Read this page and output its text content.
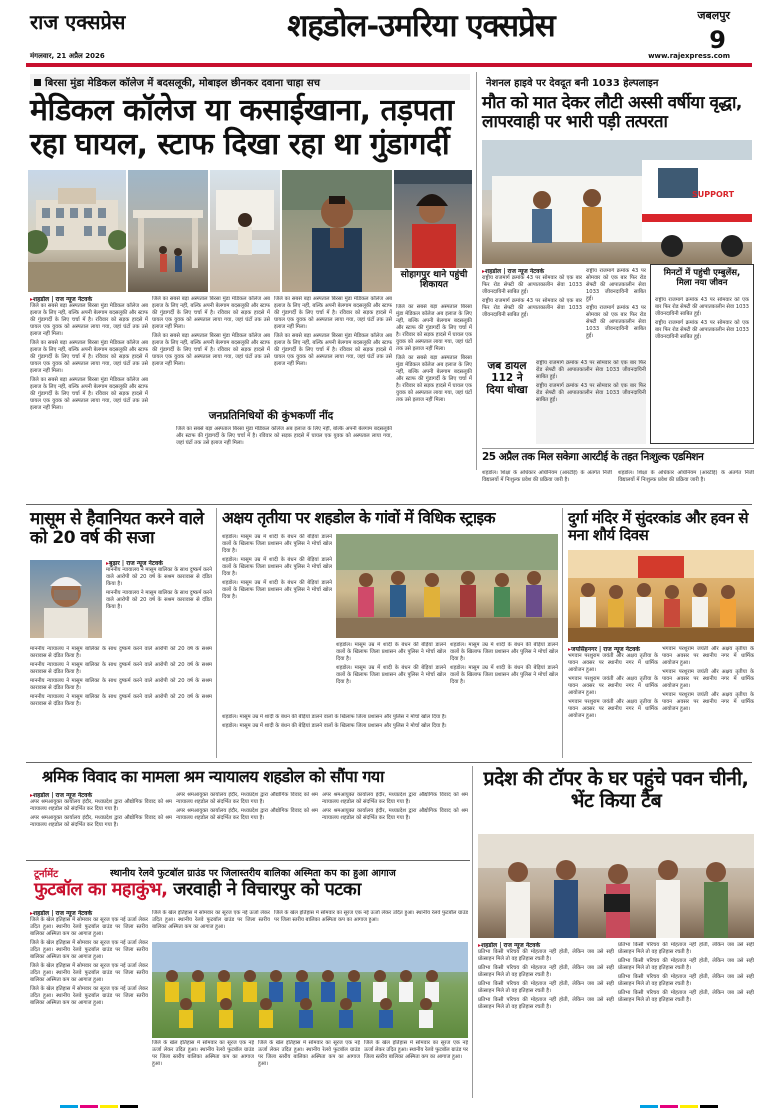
राज एक्सप्रेस
मंगलवार, 21 अप्रैल 2026
शहडोल-उमरिया एक्सप्रेस	जबलपुर
9
www.rajexpress.com
बिरसा मुंडा मेडिकल कॉलेज में बदसलूकी, मोबाइल छीनकर दवाना चाहा सच
मेडिकल कॉलेज या कसाईखाना, तड़पता रहा घायल, स्टाफ दिखा रहा था गुंडागर्दी
सोहागपुर थाने पहुंची शिकायत
▸ शहडोल | राज न्यूज नेटवर्क

जिले का सबसे बड़ा अस्पताल बिरसा मुंडा मेडिकल कॉलेज अब इलाज के लिए नहीं, बल्कि अपनी बेलगाम बदसलूकी और स्टाफ की गुंडागर्दी के लिए चर्चा में है। रविवार को सड़क हादसे में घायल एक युवक को अस्पताल लाया गया, जहां घंटों तक उसे इलाज नहीं मिला।

जिले का सबसे बड़ा अस्पताल बिरसा मुंडा मेडिकल कॉलेज अब इलाज के लिए नहीं, बल्कि अपनी बेलगाम बदसलूकी और स्टाफ की गुंडागर्दी के लिए चर्चा में है। रविवार को सड़क हादसे में घायल एक युवक को अस्पताल लाया गया, जहां घंटों तक उसे इलाज नहीं मिला।

जिले का सबसे बड़ा अस्पताल बिरसा मुंडा मेडिकल कॉलेज अब इलाज के लिए नहीं, बल्कि अपनी बेलगाम बदसलूकी और स्टाफ की गुंडागर्दी के लिए चर्चा में है। रविवार को सड़क हादसे में घायल एक युवक को अस्पताल लाया गया, जहां घंटों तक उसे इलाज नहीं मिला।

जिले का सबसे बड़ा अस्पताल बिरसा मुंडा मेडिकल कॉलेज अब इलाज के लिए नहीं, बल्कि अपनी बेलगाम बदसलूकी और स्टाफ की गुंडागर्दी के लिए चर्चा में है। रविवार को सड़क हादसे में घायल एक युवक को अस्पताल लाया गया, जहां घंटों तक उसे इलाज नहीं मिला।

जिले का सबसे बड़ा अस्पताल बिरसा मुंडा मेडिकल कॉलेज अब इलाज के लिए नहीं, बल्कि अपनी बेलगाम बदसलूकी और स्टाफ की गुंडागर्दी के लिए चर्चा में है। रविवार को सड़क हादसे में घायल एक युवक को अस्पताल लाया गया, जहां घंटों तक उसे इलाज नहीं मिला।

जिले का सबसे बड़ा अस्पताल बिरसा मुंडा मेडिकल कॉलेज अब इलाज के लिए नहीं, बल्कि अपनी बेलगाम बदसलूकी और स्टाफ की गुंडागर्दी के लिए चर्चा में है। रविवार को सड़क हादसे में घायल एक युवक को अस्पताल लाया गया, जहां घंटों तक उसे इलाज नहीं मिला।

जिले का सबसे बड़ा अस्पताल बिरसा मुंडा मेडिकल कॉलेज अब इलाज के लिए नहीं, बल्कि अपनी बेलगाम बदसलूकी और स्टाफ की गुंडागर्दी के लिए चर्चा में है। रविवार को सड़क हादसे में घायल एक युवक को अस्पताल लाया गया, जहां घंटों तक उसे इलाज नहीं मिला।

जिले का सबसे बड़ा अस्पताल बिरसा मुंडा मेडिकल कॉलेज अब इलाज के लिए नहीं, बल्कि अपनी बेलगाम बदसलूकी और स्टाफ की गुंडागर्दी के लिए चर्चा में है। रविवार को सड़क हादसे में घायल एक युवक को अस्पताल लाया गया, जहां घंटों तक उसे इलाज नहीं मिला।

जिले का सबसे बड़ा अस्पताल बिरसा मुंडा मेडिकल कॉलेज अब इलाज के लिए नहीं, बल्कि अपनी बेलगाम बदसलूकी और स्टाफ की गुंडागर्दी के लिए चर्चा में है। रविवार को सड़क हादसे में घायल एक युवक को अस्पताल लाया गया, जहां घंटों तक उसे इलाज नहीं मिला।

जनप्रतिनिधियों की कुंभकर्णी नींद

जिले का सबसे बड़ा अस्पताल बिरसा मुंडा मेडिकल कॉलेज अब इलाज के लिए नहीं, बल्कि अपनी बेलगाम बदसलूकी और स्टाफ की गुंडागर्दी के लिए चर्चा में है। रविवार को सड़क हादसे में घायल एक युवक को अस्पताल लाया गया, जहां घंटों तक उसे इलाज नहीं मिला।

नेशनल हाइवे पर देवदूत बनी 1033 हेल्पलाइन
मौत को मात देकर लौटी अस्सी वर्षीया वृद्धा, लापरवाही पर भारी पड़ी तत्परता
SUPPORT
▸ शहडोल | राज न्यूज नेटवर्क

राष्ट्रीय राजमार्ग क्रमांक 43 पर सोमवार को एक बार फिर रोड सेफ्टी की आपातकालीन सेवा 1033 जीवनदायिनी साबित हुई।

राष्ट्रीय राजमार्ग क्रमांक 43 पर सोमवार को एक बार फिर रोड सेफ्टी की आपातकालीन सेवा 1033 जीवनदायिनी साबित हुई।

राष्ट्रीय राजमार्ग क्रमांक 43 पर सोमवार को एक बार फिर रोड सेफ्टी की आपातकालीन सेवा 1033 जीवनदायिनी साबित हुई।

राष्ट्रीय राजमार्ग क्रमांक 43 पर सोमवार को एक बार फिर रोड सेफ्टी की आपातकालीन सेवा 1033 जीवनदायिनी साबित हुई।

मिनटों में पहुंची एम्बुलेंस, मिला नया जीवन

राष्ट्रीय राजमार्ग क्रमांक 43 पर सोमवार को एक बार फिर रोड सेफ्टी की आपातकालीन सेवा 1033 जीवनदायिनी साबित हुई।

राष्ट्रीय राजमार्ग क्रमांक 43 पर सोमवार को एक बार फिर रोड सेफ्टी की आपातकालीन सेवा 1033 जीवनदायिनी साबित हुई।

जब डायल 112 ने दिया धोखा

राष्ट्रीय राजमार्ग क्रमांक 43 पर सोमवार को एक बार फिर रोड सेफ्टी की आपातकालीन सेवा 1033 जीवनदायिनी साबित हुई।

राष्ट्रीय राजमार्ग क्रमांक 43 पर सोमवार को एक बार फिर रोड सेफ्टी की आपातकालीन सेवा 1033 जीवनदायिनी साबित हुई।

25 अप्रैल तक मिल सकेगा आरटीई के तहत निःशुल्क एडमिशन

शहडोल। शिक्षा के अधिकार अधिनियम (आरटीई) के अंतर्गत निजी विद्यालयों में निःशुल्क प्रवेश की प्रक्रिया जारी है।

शहडोल। शिक्षा के अधिकार अधिनियम (आरटीई) के अंतर्गत निजी विद्यालयों में निःशुल्क प्रवेश की प्रक्रिया जारी है।

मासूम से हैवानियत करने वाले को 20 वर्ष की सजा
▸ बुढ़ार | राज न्यूज नेटवर्क

माननीय न्यायालय ने मासूम बालिका के साथ दुष्कर्म करने वाले आरोपी को 20 वर्ष के सश्रम कारावास से दंडित किया है।

माननीय न्यायालय ने मासूम बालिका के साथ दुष्कर्म करने वाले आरोपी को 20 वर्ष के सश्रम कारावास से दंडित किया है।

माननीय न्यायालय ने मासूम बालिका के साथ दुष्कर्म करने वाले आरोपी को 20 वर्ष के सश्रम कारावास से दंडित किया है।

माननीय न्यायालय ने मासूम बालिका के साथ दुष्कर्म करने वाले आरोपी को 20 वर्ष के सश्रम कारावास से दंडित किया है।

माननीय न्यायालय ने मासूम बालिका के साथ दुष्कर्म करने वाले आरोपी को 20 वर्ष के सश्रम कारावास से दंडित किया है।

माननीय न्यायालय ने मासूम बालिका के साथ दुष्कर्म करने वाले आरोपी को 20 वर्ष के सश्रम कारावास से दंडित किया है।

अक्षय तृतीया पर शहडोल के गांवों में विधिक स्ट्राइक

शहडोल। मासूम उम्र में शादी के बंधन की बेड़ियां डालने वालों के खिलाफ जिला प्रशासन और पुलिस ने मोर्चा खोल दिया है।

शहडोल। मासूम उम्र में शादी के बंधन की बेड़ियां डालने वालों के खिलाफ जिला प्रशासन और पुलिस ने मोर्चा खोल दिया है।

शहडोल। मासूम उम्र में शादी के बंधन की बेड़ियां डालने वालों के खिलाफ जिला प्रशासन और पुलिस ने मोर्चा खोल दिया है।

शहडोल। मासूम उम्र में शादी के बंधन की बेड़ियां डालने वालों के खिलाफ जिला प्रशासन और पुलिस ने मोर्चा खोल दिया है।

शहडोल। मासूम उम्र में शादी के बंधन की बेड़ियां डालने वालों के खिलाफ जिला प्रशासन और पुलिस ने मोर्चा खोल दिया है।

शहडोल। मासूम उम्र में शादी के बंधन की बेड़ियां डालने वालों के खिलाफ जिला प्रशासन और पुलिस ने मोर्चा खोल दिया है।

शहडोल। मासूम उम्र में शादी के बंधन की बेड़ियां डालने वालों के खिलाफ जिला प्रशासन और पुलिस ने मोर्चा खोल दिया है।

शहडोल। मासूम उम्र में शादी के बंधन की बेड़ियां डालने वालों के खिलाफ जिला प्रशासन और पुलिस ने मोर्चा खोल दिया है।

शहडोल। मासूम उम्र में शादी के बंधन की बेड़ियां डालने वालों के खिलाफ जिला प्रशासन और पुलिस ने मोर्चा खोल दिया है।

दुर्गा मंदिर में सुंदरकांड और हवन से मना शौर्य दिवस
▸ जयसिंहनगर | राज न्यूज नेटवर्क

भगवान परशुराम जयंती और अक्षय तृतीया के पावन अवसर पर स्थानीय नगर में धार्मिक आयोजन हुआ।

भगवान परशुराम जयंती और अक्षय तृतीया के पावन अवसर पर स्थानीय नगर में धार्मिक आयोजन हुआ।

भगवान परशुराम जयंती और अक्षय तृतीया के पावन अवसर पर स्थानीय नगर में धार्मिक आयोजन हुआ।

भगवान परशुराम जयंती और अक्षय तृतीया के पावन अवसर पर स्थानीय नगर में धार्मिक आयोजन हुआ।

भगवान परशुराम जयंती और अक्षय तृतीया के पावन अवसर पर स्थानीय नगर में धार्मिक आयोजन हुआ।

भगवान परशुराम जयंती और अक्षय तृतीया के पावन अवसर पर स्थानीय नगर में धार्मिक आयोजन हुआ।

श्रमिक विवाद का मामला श्रम न्यायालय शहडोल को सौंपा गया
▸ शहडोल | राज न्यूज नेटवर्क

अपर श्रमआयुक्त कार्यालय इंदौर, मध्यप्रदेश द्वारा औद्योगिक विवाद को श्रम न्यायालय शहडोल को संदर्भित कर दिया गया है।

अपर श्रमआयुक्त कार्यालय इंदौर, मध्यप्रदेश द्वारा औद्योगिक विवाद को श्रम न्यायालय शहडोल को संदर्भित कर दिया गया है।

अपर श्रमआयुक्त कार्यालय इंदौर, मध्यप्रदेश द्वारा औद्योगिक विवाद को श्रम न्यायालय शहडोल को संदर्भित कर दिया गया है।

अपर श्रमआयुक्त कार्यालय इंदौर, मध्यप्रदेश द्वारा औद्योगिक विवाद को श्रम न्यायालय शहडोल को संदर्भित कर दिया गया है।

अपर श्रमआयुक्त कार्यालय इंदौर, मध्यप्रदेश द्वारा औद्योगिक विवाद को श्रम न्यायालय शहडोल को संदर्भित कर दिया गया है।

अपर श्रमआयुक्त कार्यालय इंदौर, मध्यप्रदेश द्वारा औद्योगिक विवाद को श्रम न्यायालय शहडोल को संदर्भित कर दिया गया है।

प्रदेश की टॉपर के घर पहुंचे पवन चीनी, भेंट किया टैब
▸ शहडोल | राज न्यूज नेटवर्क

प्रतिभा किसी परिचय की मोहताज नहीं होती, लेकिन जब उसे सही प्रोत्साहन मिले तो वह इतिहास रचती है।

प्रतिभा किसी परिचय की मोहताज नहीं होती, लेकिन जब उसे सही प्रोत्साहन मिले तो वह इतिहास रचती है।

प्रतिभा किसी परिचय की मोहताज नहीं होती, लेकिन जब उसे सही प्रोत्साहन मिले तो वह इतिहास रचती है।

प्रतिभा किसी परिचय की मोहताज नहीं होती, लेकिन जब उसे सही प्रोत्साहन मिले तो वह इतिहास रचती है।

प्रतिभा किसी परिचय की मोहताज नहीं होती, लेकिन जब उसे सही प्रोत्साहन मिले तो वह इतिहास रचती है।

प्रतिभा किसी परिचय की मोहताज नहीं होती, लेकिन जब उसे सही प्रोत्साहन मिले तो वह इतिहास रचती है।

प्रतिभा किसी परिचय की मोहताज नहीं होती, लेकिन जब उसे सही प्रोत्साहन मिले तो वह इतिहास रचती है।

प्रतिभा किसी परिचय की मोहताज नहीं होती, लेकिन जब उसे सही प्रोत्साहन मिले तो वह इतिहास रचती है।

टूर्नामेंट	स्थानीय रेलवे फुटबॉल ग्राउंड पर जिलास्तरीय बालिका अस्मिता कप का हुआ आगाज
फुटबॉल का महाकुंभ, जरवाही ने विचारपुर को पटका
▸ शहडोल | राज न्यूज नेटवर्क

जिले के खेल इतिहास में सोमवार का सूरज एक नई ऊर्जा लेकर उदित हुआ। स्थानीय रेलवे फुटबॉल ग्राउंड पर जिला स्तरीय बालिका अस्मिता कप का आगाज हुआ।

जिले के खेल इतिहास में सोमवार का सूरज एक नई ऊर्जा लेकर उदित हुआ। स्थानीय रेलवे फुटबॉल ग्राउंड पर जिला स्तरीय बालिका अस्मिता कप का आगाज हुआ।

जिले के खेल इतिहास में सोमवार का सूरज एक नई ऊर्जा लेकर उदित हुआ। स्थानीय रेलवे फुटबॉल ग्राउंड पर जिला स्तरीय बालिका अस्मिता कप का आगाज हुआ।

जिले के खेल इतिहास में सोमवार का सूरज एक नई ऊर्जा लेकर उदित हुआ। स्थानीय रेलवे फुटबॉल ग्राउंड पर जिला स्तरीय बालिका अस्मिता कप का आगाज हुआ।

जिले के खेल इतिहास में सोमवार का सूरज एक नई ऊर्जा लेकर उदित हुआ। स्थानीय रेलवे फुटबॉल ग्राउंड पर जिला स्तरीय बालिका अस्मिता कप का आगाज हुआ।

जिले के खेल इतिहास में सोमवार का सूरज एक नई ऊर्जा लेकर उदित हुआ। स्थानीय रेलवे फुटबॉल ग्राउंड पर जिला स्तरीय बालिका अस्मिता कप का आगाज हुआ।

जिले के खेल इतिहास में सोमवार का सूरज एक नई ऊर्जा लेकर उदित हुआ। स्थानीय रेलवे फुटबॉल ग्राउंड पर जिला स्तरीय बालिका अस्मिता कप का आगाज हुआ।

जिले के खेल इतिहास में सोमवार का सूरज एक नई ऊर्जा लेकर उदित हुआ। स्थानीय रेलवे फुटबॉल ग्राउंड पर जिला स्तरीय बालिका अस्मिता कप का आगाज हुआ।

जिले के खेल इतिहास में सोमवार का सूरज एक नई ऊर्जा लेकर उदित हुआ। स्थानीय रेलवे फुटबॉल ग्राउंड पर जिला स्तरीय बालिका अस्मिता कप का आगाज हुआ।
